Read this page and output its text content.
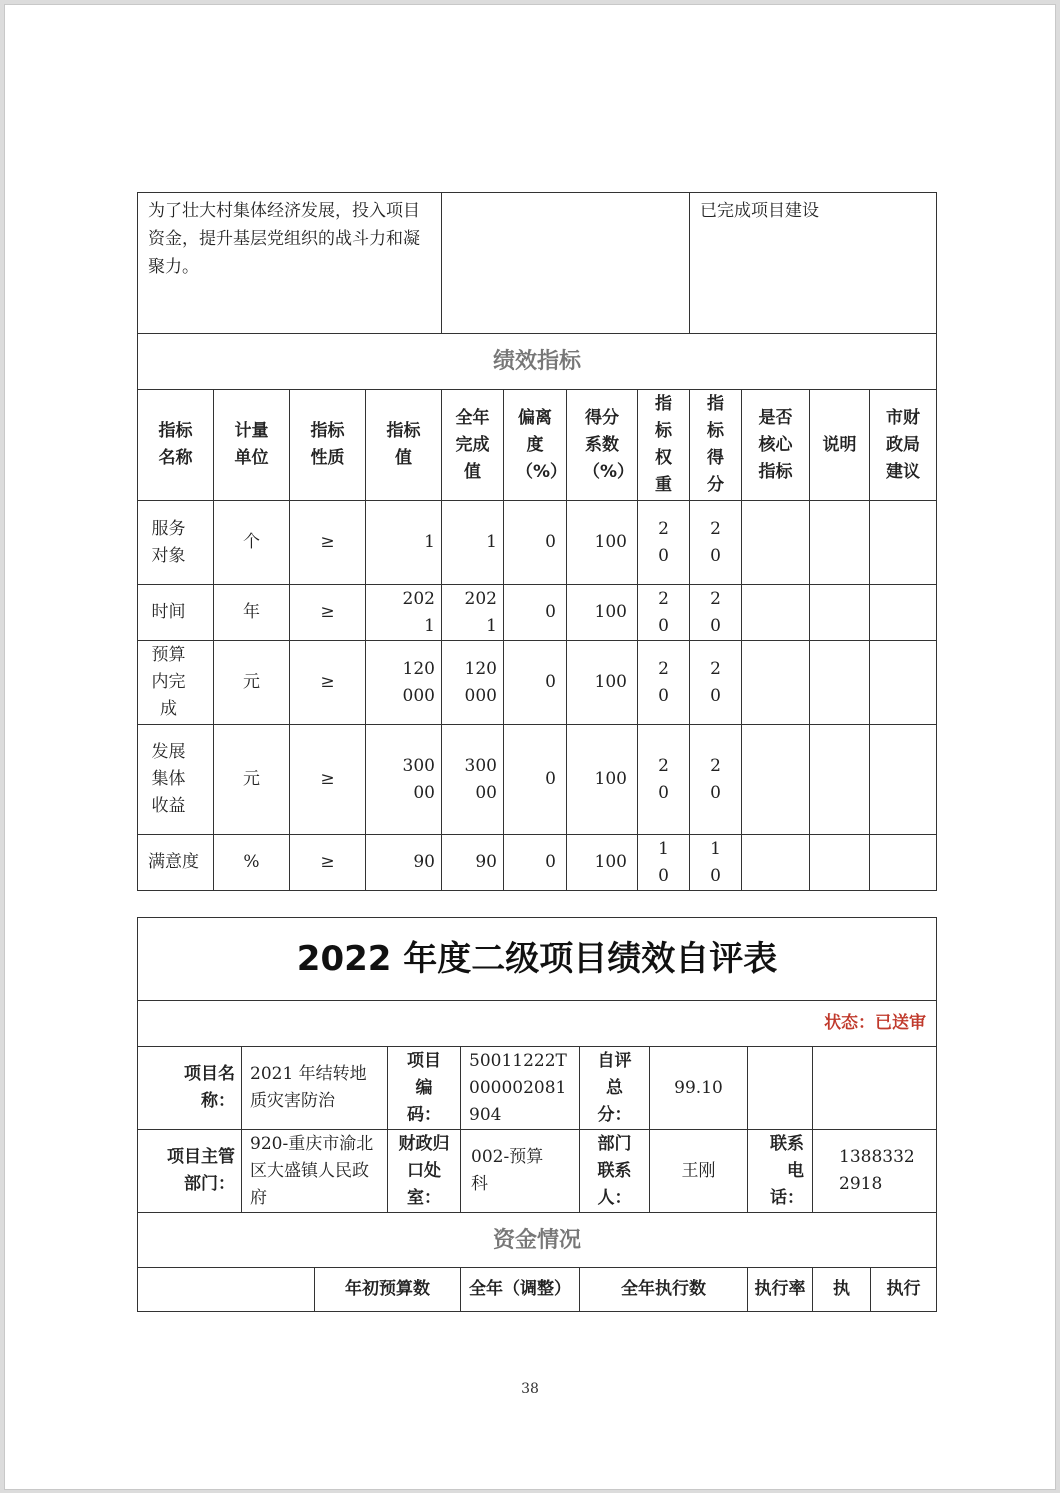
为了壮大村集体经济发展，投入项目资金，提升基层党组织的战斗力和凝聚力。								已完成项目建设			
绩效指标											
指标名称	计量单位	指标性质	指标值	全年完成值	偏离度（%）	得分系数（%）	指标权重	指标得分	是否核心指标	说明	市财政局建议
服务对象	个	≥	1	1	0	100	20	20			
时间	年	≥	2021	2021	0	100	20	20			
预算内完成	元	≥	120000	120000	0	100	20	20			
发展集体收益	元	≥	30000	30000	0	100	20	20			
满意度	%	≥	90	90	0	100	10	10			
2022 年度二级项目绩效自评表									
状态：已送审									
项目名称：	2021 年结转地质灾害防治		项目编码：	50011222T000002081904	自评总分：	99.10			
项目主管部门：	920-重庆市渝北区大盛镇人民政府		财政归口处室：	002-预算科	部门联系人：	王刚	联系电话：	13883322918	
资金情况									
		年初预算数		全年（调整）	全年执行数		执行率	执	执行
38
